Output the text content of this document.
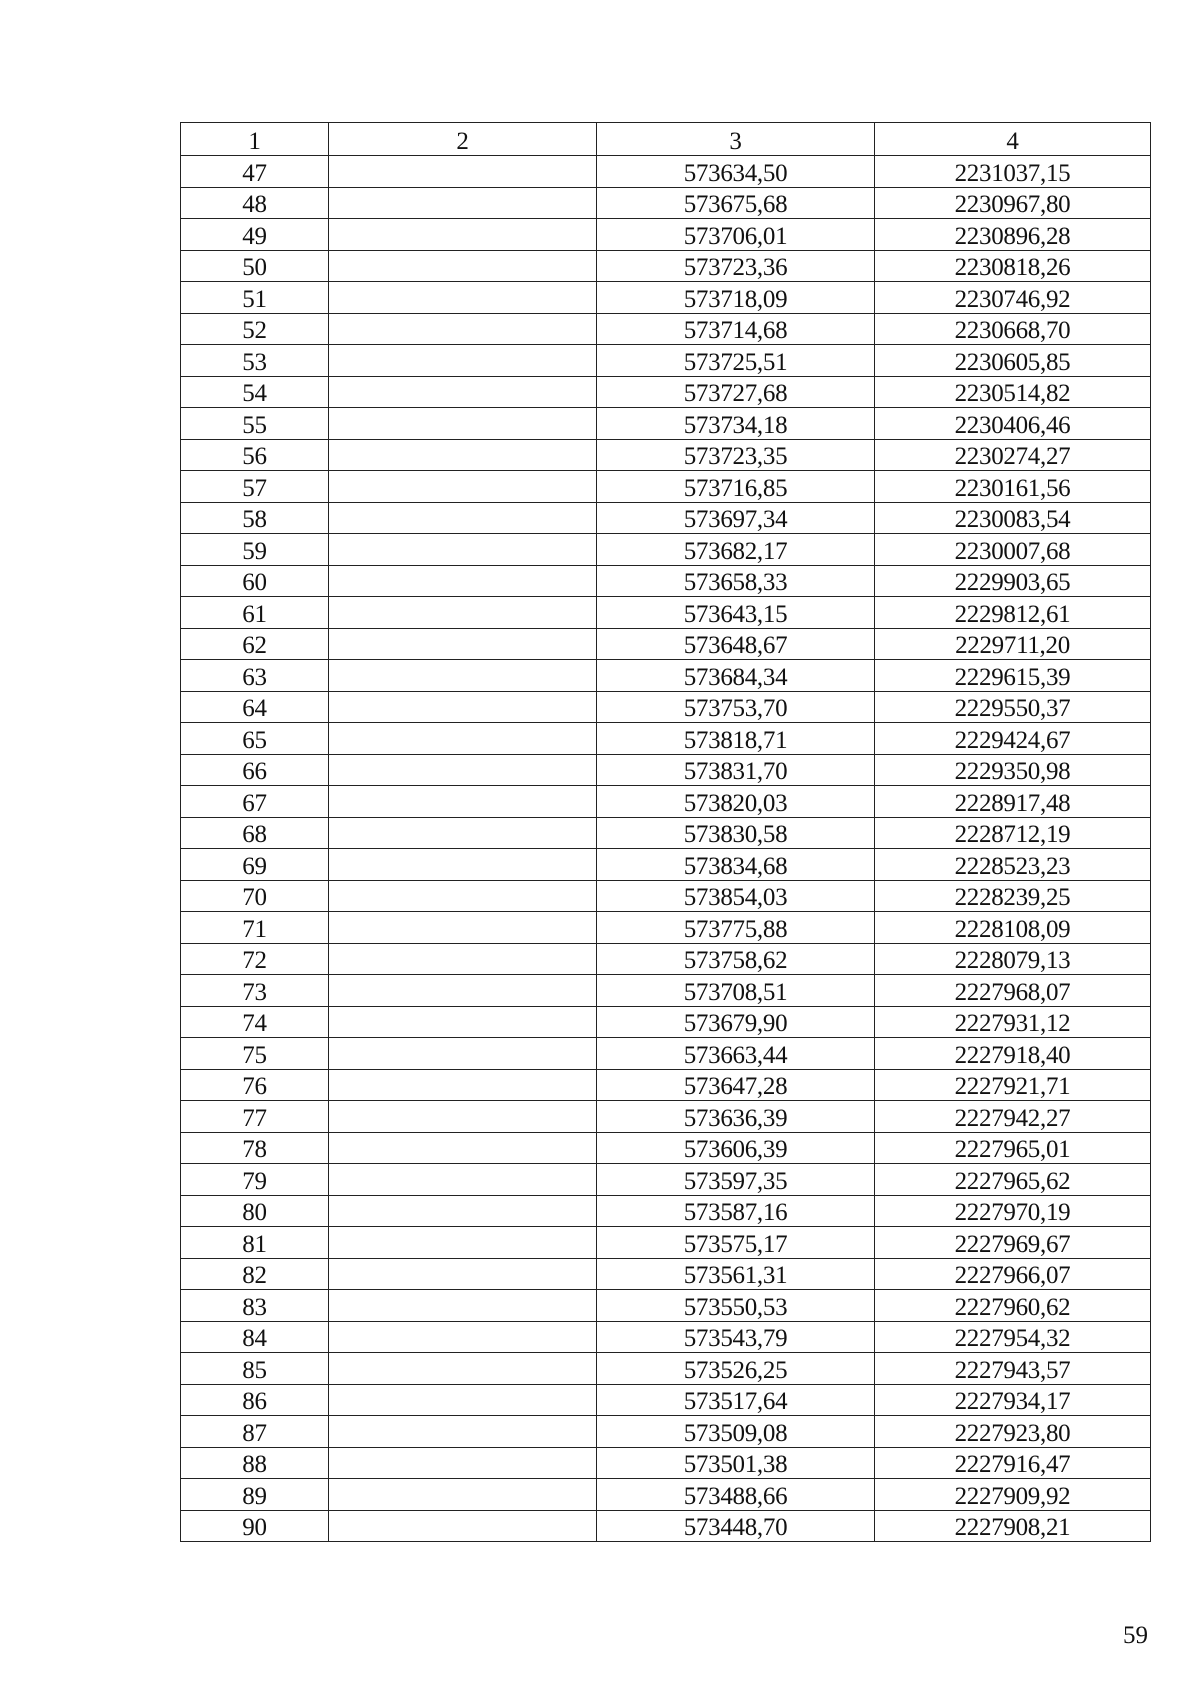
1	2	3	4
47		573634,50	2231037,15
48		573675,68	2230967,80
49		573706,01	2230896,28
50		573723,36	2230818,26
51		573718,09	2230746,92
52		573714,68	2230668,70
53		573725,51	2230605,85
54		573727,68	2230514,82
55		573734,18	2230406,46
56		573723,35	2230274,27
57		573716,85	2230161,56
58		573697,34	2230083,54
59		573682,17	2230007,68
60		573658,33	2229903,65
61		573643,15	2229812,61
62		573648,67	2229711,20
63		573684,34	2229615,39
64		573753,70	2229550,37
65		573818,71	2229424,67
66		573831,70	2229350,98
67		573820,03	2228917,48
68		573830,58	2228712,19
69		573834,68	2228523,23
70		573854,03	2228239,25
71		573775,88	2228108,09
72		573758,62	2228079,13
73		573708,51	2227968,07
74		573679,90	2227931,12
75		573663,44	2227918,40
76		573647,28	2227921,71
77		573636,39	2227942,27
78		573606,39	2227965,01
79		573597,35	2227965,62
80		573587,16	2227970,19
81		573575,17	2227969,67
82		573561,31	2227966,07
83		573550,53	2227960,62
84		573543,79	2227954,32
85		573526,25	2227943,57
86		573517,64	2227934,17
87		573509,08	2227923,80
88		573501,38	2227916,47
89		573488,66	2227909,92
90		573448,70	2227908,21
59
